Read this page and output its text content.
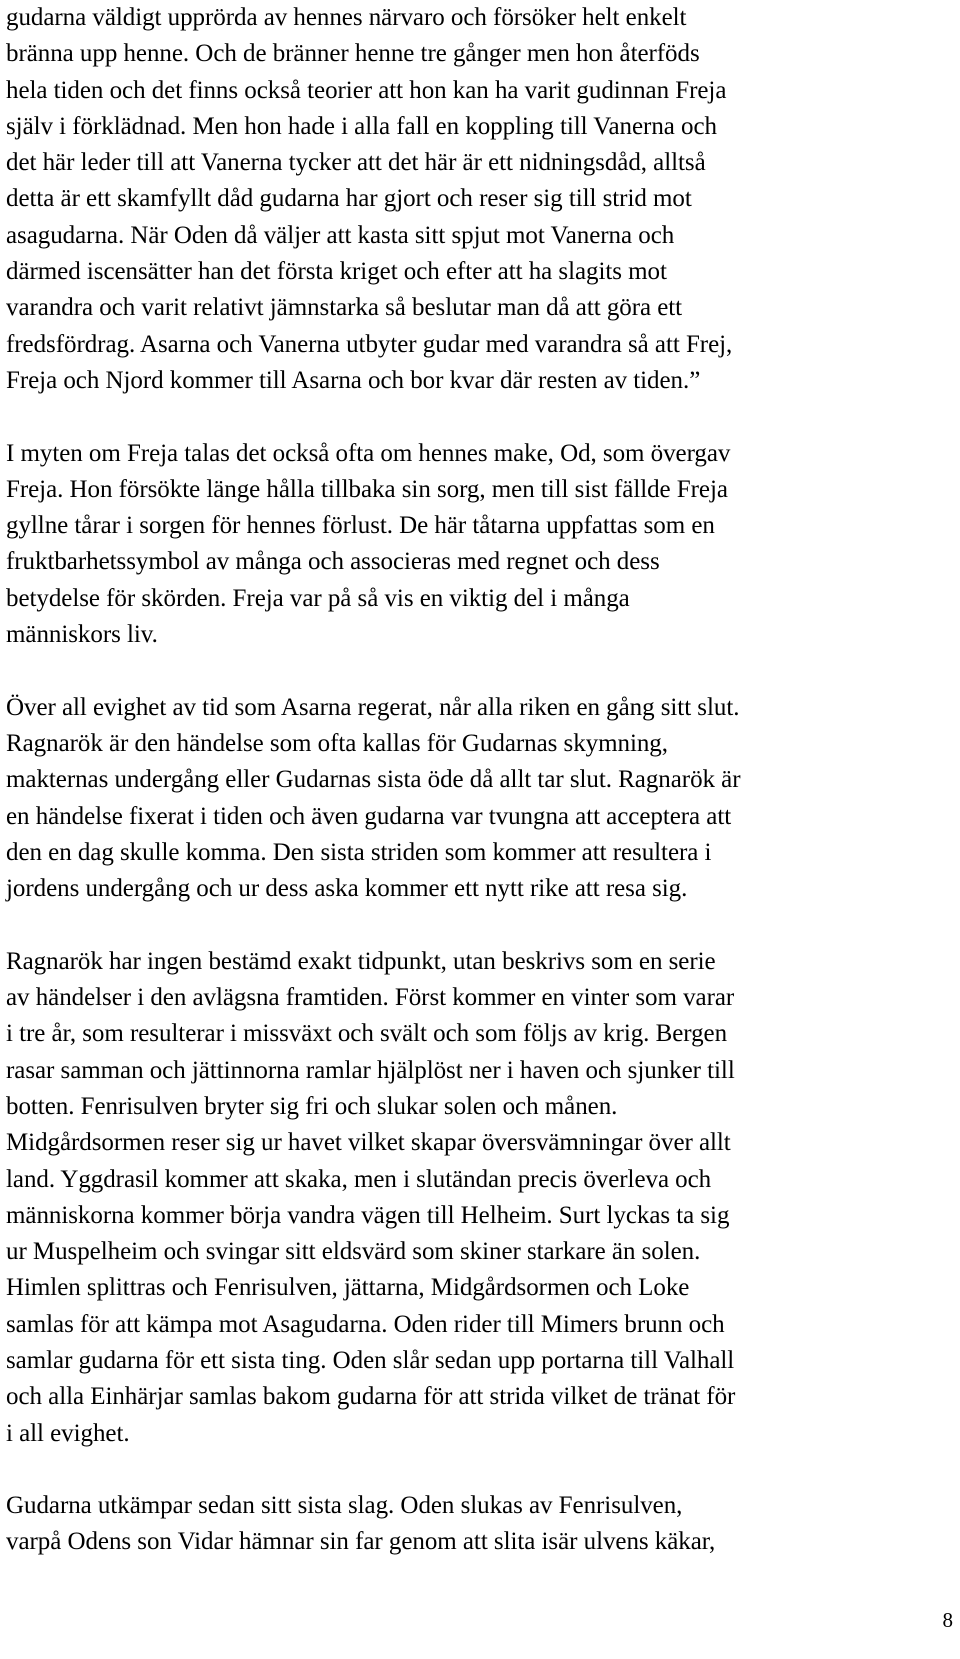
gudarna väldigt upprörda av hennes närvaro och försöker helt enkelt
bränna upp henne. Och de bränner henne tre gånger men hon återföds
hela tiden och det finns också teorier att hon kan ha varit gudinnan Freja
själv i förklädnad. Men hon hade i alla fall en koppling till Vanerna och
det här leder till att Vanerna tycker att det här är ett nidningsdåd, alltså
detta är ett skamfyllt dåd gudarna har gjort och reser sig till strid mot
asagudarna. När Oden då väljer att kasta sitt spjut mot Vanerna och
därmed iscensätter han det första kriget och efter att ha slagits mot
varandra och varit relativt jämnstarka så beslutar man då att göra ett
fredsfördrag. Asarna och Vanerna utbyter gudar med varandra så att Frej,
Freja och Njord kommer till Asarna och bor kvar där resten av tiden.”

I myten om Freja talas det också ofta om hennes make, Od, som övergav
Freja. Hon försökte länge hålla tillbaka sin sorg, men till sist fällde Freja
gyllne tårar i sorgen för hennes förlust. De här tåtarna uppfattas som en
fruktbarhetssymbol av många och associeras med regnet och dess
betydelse för skörden. Freja var på så vis en viktig del i många
människors liv.

Över all evighet av tid som Asarna regerat, når alla riken en gång sitt slut.
Ragnarök är den händelse som ofta kallas för Gudarnas skymning,
makternas undergång eller Gudarnas sista öde då allt tar slut. Ragnarök är
en händelse fixerat i tiden och även gudarna var tvungna att acceptera att
den en dag skulle komma. Den sista striden som kommer att resultera i
jordens undergång och ur dess aska kommer ett nytt rike att resa sig.

Ragnarök har ingen bestämd exakt tidpunkt, utan beskrivs som en serie
av händelser i den avlägsna framtiden. Först kommer en vinter som varar
i tre år, som resulterar i missväxt och svält och som följs av krig. Bergen
rasar samman och jättinnorna ramlar hjälplöst ner i haven och sjunker till
botten. Fenrisulven bryter sig fri och slukar solen och månen.
Midgårdsormen reser sig ur havet vilket skapar översvämningar över allt
land. Yggdrasil kommer att skaka, men i slutändan precis överleva och
människorna kommer börja vandra vägen till Helheim. Surt lyckas ta sig
ur Muspelheim och svingar sitt eldsvärd som skiner starkare än solen.
Himlen splittras och Fenrisulven, jättarna, Midgårdsormen och Loke
samlas för att kämpa mot Asagudarna. Oden rider till Mimers brunn och
samlar gudarna för ett sista ting. Oden slår sedan upp portarna till Valhall
och alla Einhärjar samlas bakom gudarna för att strida vilket de tränat för
i all evighet.

Gudarna utkämpar sedan sitt sista slag. Oden slukas av Fenrisulven,
varpå Odens son Vidar hämnar sin far genom att slita isär ulvens käkar,

8
